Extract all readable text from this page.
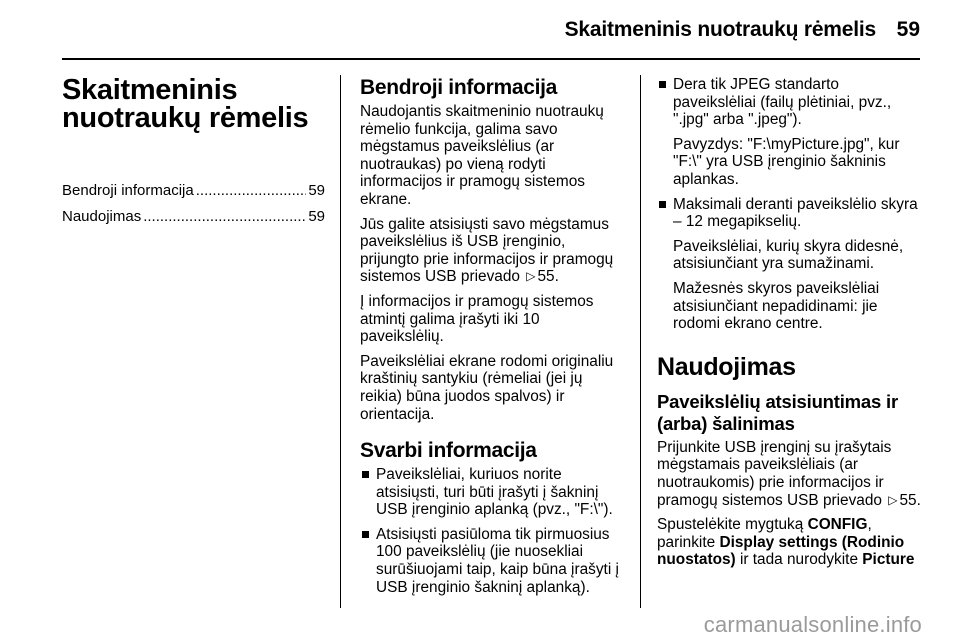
Skaitmeninis nuotraukų rėmelis 59
Skaitmeninis
nuotraukų rėmelis
Bendroji informacija .....	59
Naudojimas .....	59
Bendroji informacija

Naudojantis skaitmeninio nuotraukų rėmelio funkcija, galima savo mėgstamus paveikslėlius (ar nuotraukas) po vieną rodyti informacijos ir pramogų sistemos ekrane.

Jūs galite atsisiųsti savo mėgstamus paveikslėlius iš USB įrenginio, prijungto prie informacijos ir pramogų sistemos USB prievado ▷ 55.

Į informacijos ir pramogų sistemos atmintį galima įrašyti iki 10 paveikslėlių.

Paveikslėliai ekrane rodomi originaliu kraštinių santykiu (rėmeliai (jei jų reikia) būna juodos spalvos) ir orientacija.

Svarbi informacija
Paveikslėliai, kuriuos norite atsisiųsti, turi būti įrašyti į šakninį USB įrenginio aplanką (pvz., "F:\").
Atsisiųsti pasiūloma tik pirmuosius 100 paveikslėlių (jie nuosekliai surūšiuojami taip, kaip būna įrašyti į USB įrenginio šakninį aplanką).
Dera tik JPEG standarto paveikslėliai (failų plėtiniai, pvz., ".jpg" arba ".jpeg").

Pavyzdys: "F:\myPicture.jpg", kur "F:\" yra USB įrenginio šakninis aplankas.

Maksimali deranti paveikslėlio skyra – 12 megapikselių.

Paveikslėliai, kurių skyra didesnė, atsisiunčiant yra sumažinami.

Mažesnės skyros paveikslėliai atsisiunčiant nepadidinami: jie rodomi ekrano centre.

Naudojimas
Paveikslėlių atsisiuntimas ir (arba) šalinimas

Prijunkite USB įrenginį su įrašytais mėgstamais paveikslėliais (ar nuotraukomis) prie informacijos ir pramogų sistemos USB prievado ▷ 55.

Spustelėkite mygtuką CONFIG, parinkite Display settings (Rodinio nuostatos) ir tada nurodykite Picture

carmanualsonline.info
